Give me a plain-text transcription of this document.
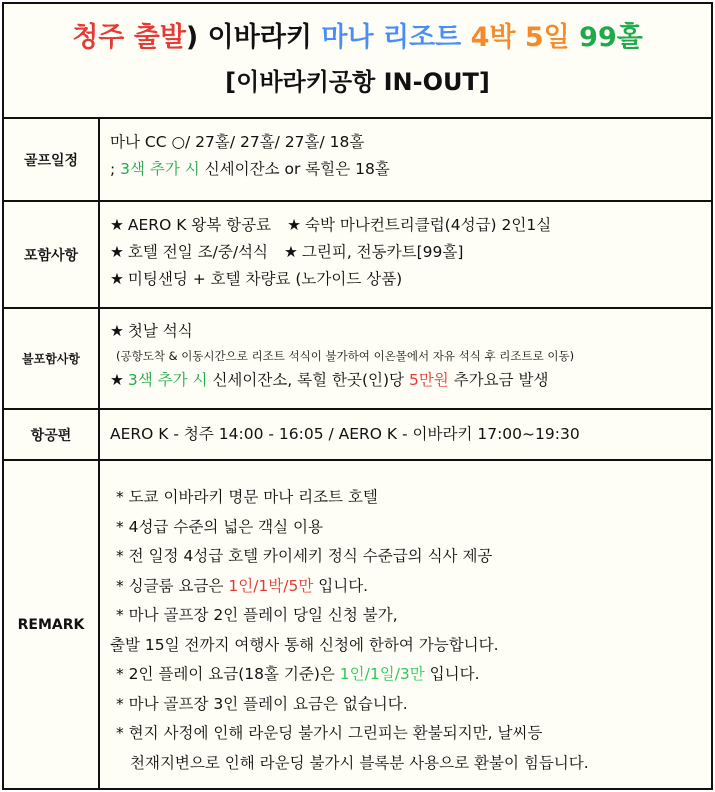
청주 출발) 이바라키 마나 리조트 4박 5일 99홀
[이바라키공항 IN-OUT]
골프일정
마나 CC ○/ 27홀/ 27홀/ 27홀/ 18홀
; 3색 추가 시 신세이잔소 or 록힐은 18홀
포함사항
★ AERO K 왕복 항공료 ★ 숙박 마나컨트리클럽(4성급) 2인1실
★ 호텔 전일 조/중/석식 ★ 그린피, 전동카트[99홀]
★ 미팅샌딩 + 호텔 차량료 (노가이드 상품)
불포함사항
★ 첫날 석식
(공항도착 & 이동시간으로 리조트 석식이 불가하여 이온몰에서 자유 석식 후 리조트로 이동)
★ 3색 추가 시 신세이잔소, 록힐 한곳(인)당 5만원 추가요금 발생
항공편	AERO K - 청주 14:00 - 16:05 / AERO K - 이바라키 17:00~19:30
REMARK
* 도쿄 이바라키 명문 마나 리조트 호텔
* 4성급 수준의 넓은 객실 이용
* 전 일정 4성급 호텔 카이세키 정식 수준급의 식사 제공
* 싱글룸 요금은 1인/1박/5만 입니다.
* 마나 골프장 2인 플레이 당일 신청 불가,
출발 15일 전까지 여행사 통해 신청에 한하여 가능합니다.
* 2인 플레이 요금(18홀 기준)은 1인/1일/3만 입니다.
* 마나 골프장 3인 플레이 요금은 없습니다.
* 현지 사정에 인해 라운딩 불가시 그린피는 환불되지만, 날씨등
천재지변으로 인해 라운딩 불가시 블록분 사용으로 환불이 힘듭니다.
